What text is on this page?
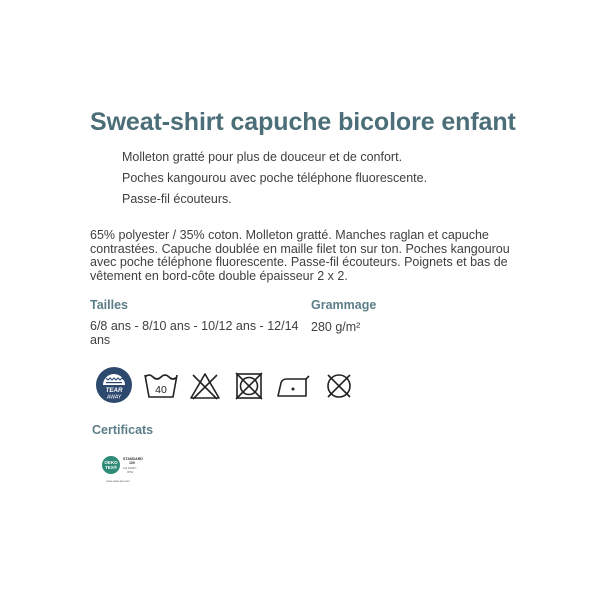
Sweat-shirt capuche bicolore enfant
Molleton gratté pour plus de douceur et de confort.
Poches kangourou avec poche téléphone fluorescente.
Passe-fil écouteurs.

65% polyester / 35% coton. Molleton gratté. Manches raglan et capuche contrastées. Capuche doublée en maille filet ton sur ton. Poches kangourou avec poche téléphone fluorescente. Passe-fil écouteurs. Poignets et bas de vêtement en bord-côte double épaisseur 2 x 2.

Tailles
6/8 ans - 8/10 ans - 10/12 ans - 12/14 ans
Grammage
280 g/m²
TEAR
AWAY
40
Certificats
OEKO
TEX®
STANDARD
100
CQ 1002/7
IFTH
www.oeko-tex.com
